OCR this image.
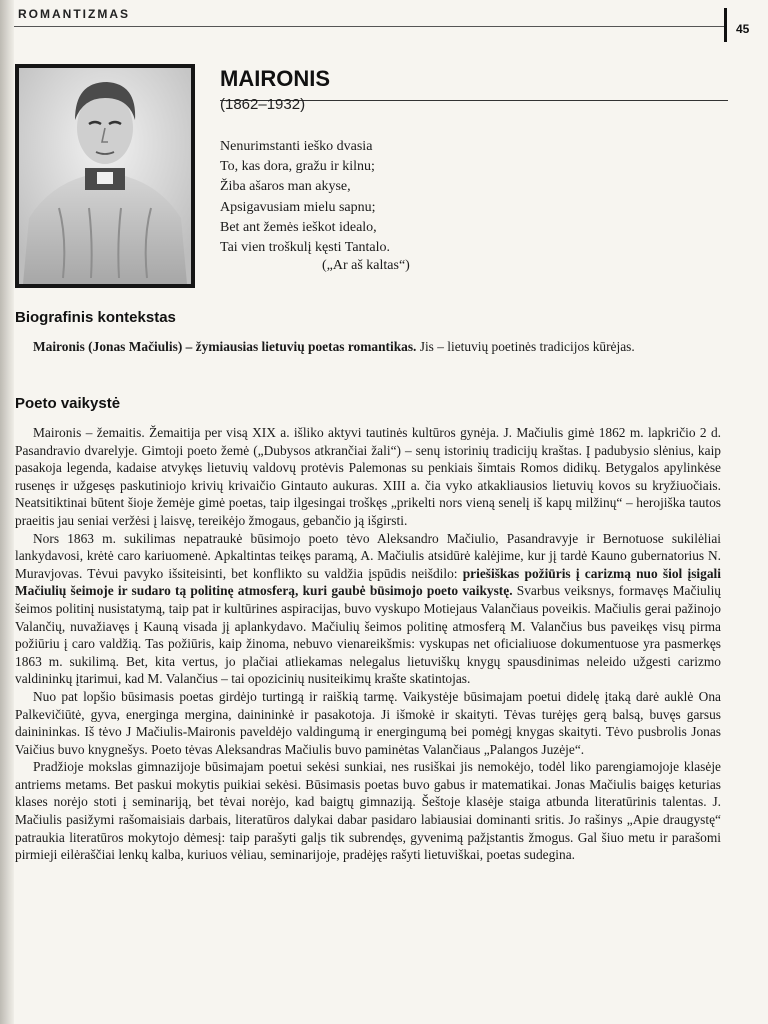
ROMANTIZMAS
45
MAIRONIS
(1862–1932)
Nenurimstanti ieško dvasia
To, kas dora, gražu ir kilnu;
Žiba ašaros man akyse,
Apsigavusiam mielu sapnu;
Bet ant žemės ieškot idealo,
Tai vien troškulį kęsti Tantalo.
(„Ar aš kaltas“)
Biografinis kontekstas

Maironis (Jonas Mačiulis) – žymiausias lietuvių poetas romantikas. Jis – lietuvių poetinės tradicijos kūrėjas.

Poeto vaikystė

Maironis – žemaitis. Žemaitija per visą XIX a. išliko aktyvi tautinės kultūros gynėja. J. Mačiulis gimė 1862 m. lapkričio 2 d. Pasandravio dvarelyje. Gimtoji poeto žemė („Dubysos atkrančiai žali“) – senų istorinių tradicijų kraštas. Į padubysio slėnius, kaip pasakoja legenda, kadaise atvykęs lietuvių valdovų protėvis Palemonas su penkiais šimtais Romos didikų. Betygalos apylinkėse rusenęs ir užgesęs paskutiniojo krivių krivaičio Gintauto aukuras. XIII a. čia vyko atkakliausios lietuvių kovos su kryžiuočiais. Neatsitiktinai būtent šioje žemėje gimė poetas, taip ilgesingai troškęs „prikelti nors vieną senelį iš kapų milžinų“ – herojiška tautos praeitis jau seniai veržėsi į laisvę, tereikėjo žmogaus, gebančio ją išgirsti.

Nors 1863 m. sukilimas nepatraukė būsimojo poeto tėvo Aleksandro Mačiulio, Pasandravyje ir Bernotuose sukilėliai lankydavosi, krėtė caro kariuomenė. Apkaltintas teikęs paramą, A. Mačiulis atsidūrė kalėjime, kur jį tardė Kauno gubernatorius N. Muravjovas. Tėvui pavyko išsiteisinti, bet konflikto su valdžia įspūdis neišdilo: priešiškas požiūris į carizmą nuo šiol įsigali Mačiulių šeimoje ir sudaro tą politinę atmosferą, kuri gaubė būsimojo poeto vaikystę. Svarbus veiksnys, formavęs Mačiulių šeimos politinį nusistatymą, taip pat ir kultūrines aspiracijas, buvo vyskupo Motiejaus Valančiaus poveikis. Mačiulis gerai pažinojo Valančių, nuvažiavęs į Kauną visada jį aplankydavo. Mačiulių šeimos politinę atmosferą M. Valančius bus paveikęs visų pirma požiūriu į caro valdžią. Tas požiūris, kaip žinoma, nebuvo vienareikšmis: vyskupas net oficialiuose dokumentuose yra pasmerkęs 1863 m. sukilimą. Bet, kita vertus, jo plačiai atliekamas nelegalus lietuviškų knygų spausdinimas neleido užgesti carizmo valdininkų įtarimui, kad M. Valančius – tai opozicinių nusiteikimų krašte skatintojas.

Nuo pat lopšio būsimasis poetas girdėjo turtingą ir raiškią tarmę. Vaikystėje būsimajam poetui didelę įtaką darė auklė Ona Palkevičiūtė, gyva, energinga mergina, dainininkė ir pasakotoja. Ji išmokė ir skaityti. Tėvas turėjęs gerą balsą, buvęs garsus dainininkas. Iš tėvo J Mačiulis-Maironis paveldėjo valdingumą ir energingumą bei pomėgį knygas skaityti. Tėvo pusbrolis Jonas Vaičius buvo knygnešys. Poeto tėvas Aleksandras Mačiulis buvo paminėtas Valančiaus „Palangos Juzėje“.

Pradžioje mokslas gimnazijoje būsimajam poetui sekėsi sunkiai, nes rusiškai jis nemokėjo, todėl liko parengiamojoje klasėje antriems metams. Bet paskui mokytis puikiai sekėsi. Būsimasis poetas buvo gabus ir matematikai. Jonas Mačiulis baigęs keturias klases norėjo stoti į seminariją, bet tėvai norėjo, kad baigtų gimnaziją. Šeštoje klasėje staiga atbunda literatūrinis talentas. J. Mačiulis pasižymi rašomaisiais darbais, literatūros dalykai dabar pasidaro labiausiai dominanti sritis. Jo rašinys „Apie draugystę“ patraukia literatūros mokytojo dėmesį: taip parašyti galįs tik subrendęs, gyvenimą pažįstantis žmogus. Gal šiuo metu ir parašomi pirmieji eilėraščiai lenkų kalba, kuriuos vėliau, seminarijoje, pradėjęs rašyti lietuviškai, poetas sudegina.
